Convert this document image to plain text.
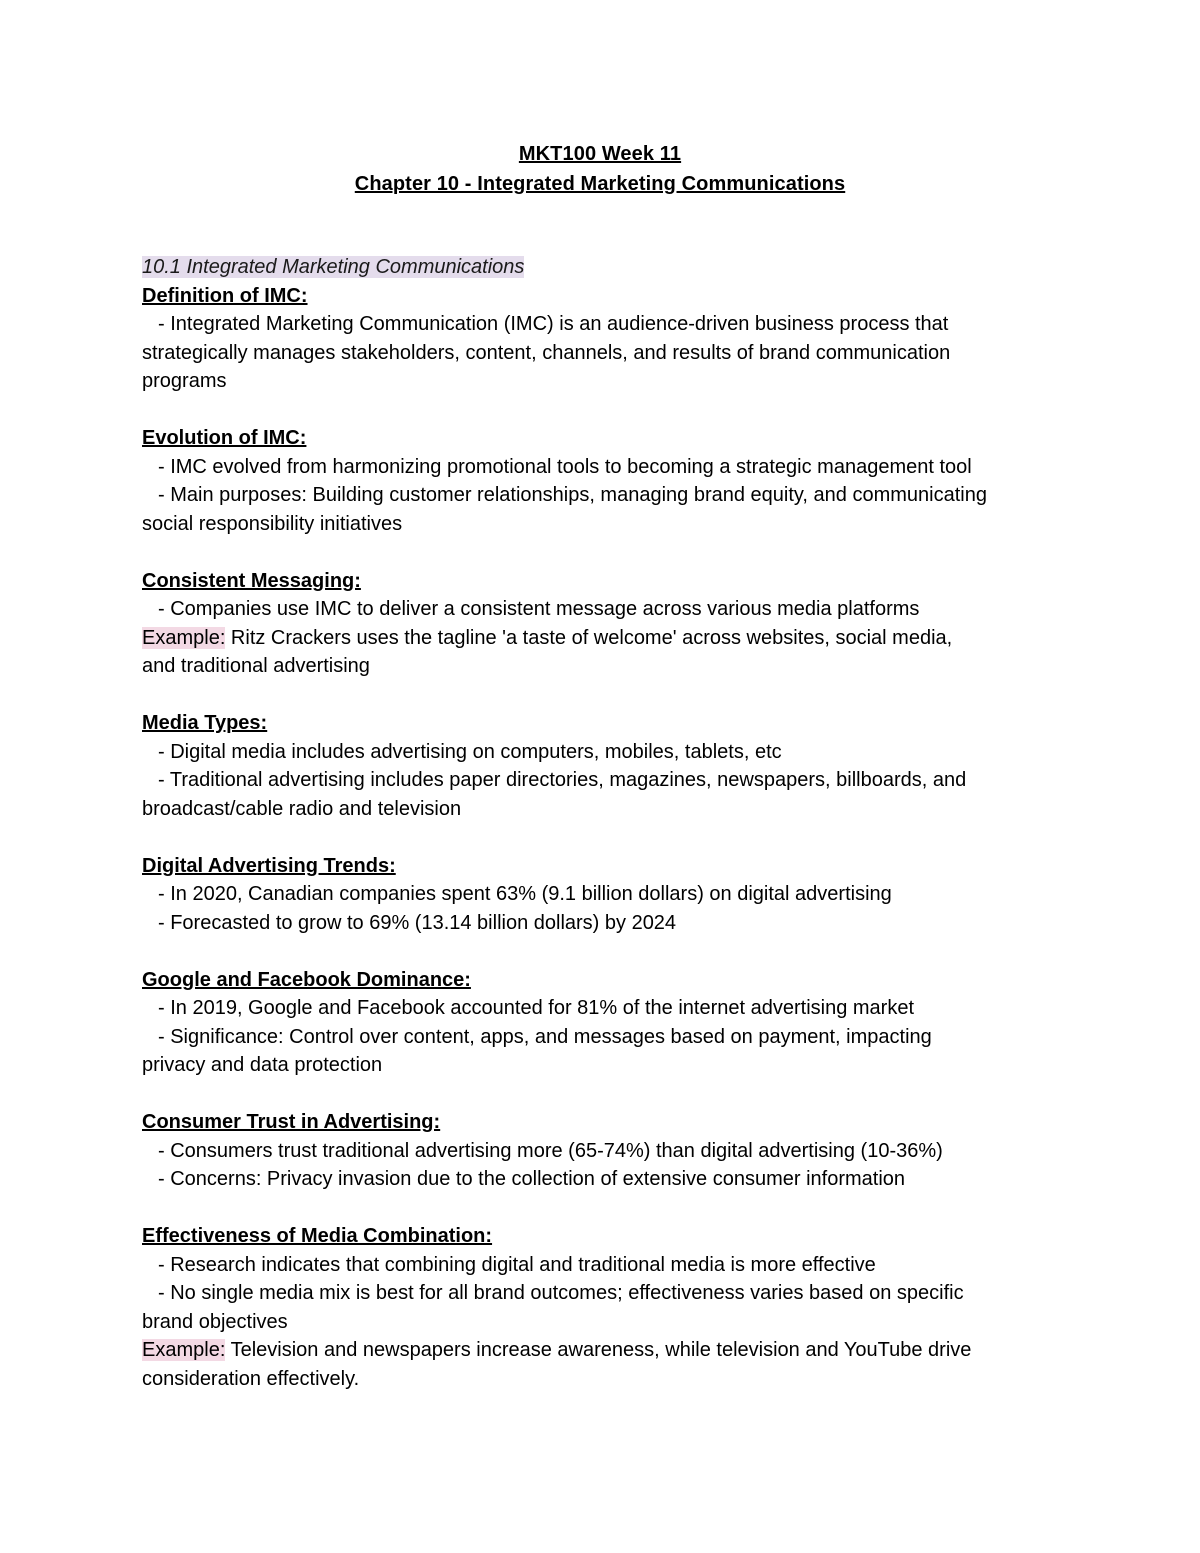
MKT100 Week 11
Chapter 10 - Integrated Marketing Communications
10.1 Integrated Marketing Communications
Definition of IMC:
- Integrated Marketing Communication (IMC) is an audience-driven business process that
strategically manages stakeholders, content, channels, and results of brand communication
programs
Evolution of IMC:
- IMC evolved from harmonizing promotional tools to becoming a strategic management tool
- Main purposes: Building customer relationships, managing brand equity, and communicating
social responsibility initiatives
Consistent Messaging:
- Companies use IMC to deliver a consistent message across various media platforms
Example: Ritz Crackers uses the tagline 'a taste of welcome' across websites, social media,
and traditional advertising
Media Types:
- Digital media includes advertising on computers, mobiles, tablets, etc
- Traditional advertising includes paper directories, magazines, newspapers, billboards, and
broadcast/cable radio and television
Digital Advertising Trends:
- In 2020, Canadian companies spent 63% (9.1 billion dollars) on digital advertising
- Forecasted to grow to 69% (13.14 billion dollars) by 2024
Google and Facebook Dominance:
- In 2019, Google and Facebook accounted for 81% of the internet advertising market
- Significance: Control over content, apps, and messages based on payment, impacting
privacy and data protection
Consumer Trust in Advertising:
- Consumers trust traditional advertising more (65-74%) than digital advertising (10-36%)
- Concerns: Privacy invasion due to the collection of extensive consumer information
Effectiveness of Media Combination:
- Research indicates that combining digital and traditional media is more effective
- No single media mix is best for all brand outcomes; effectiveness varies based on specific
brand objectives
Example: Television and newspapers increase awareness, while television and YouTube drive
consideration effectively.
